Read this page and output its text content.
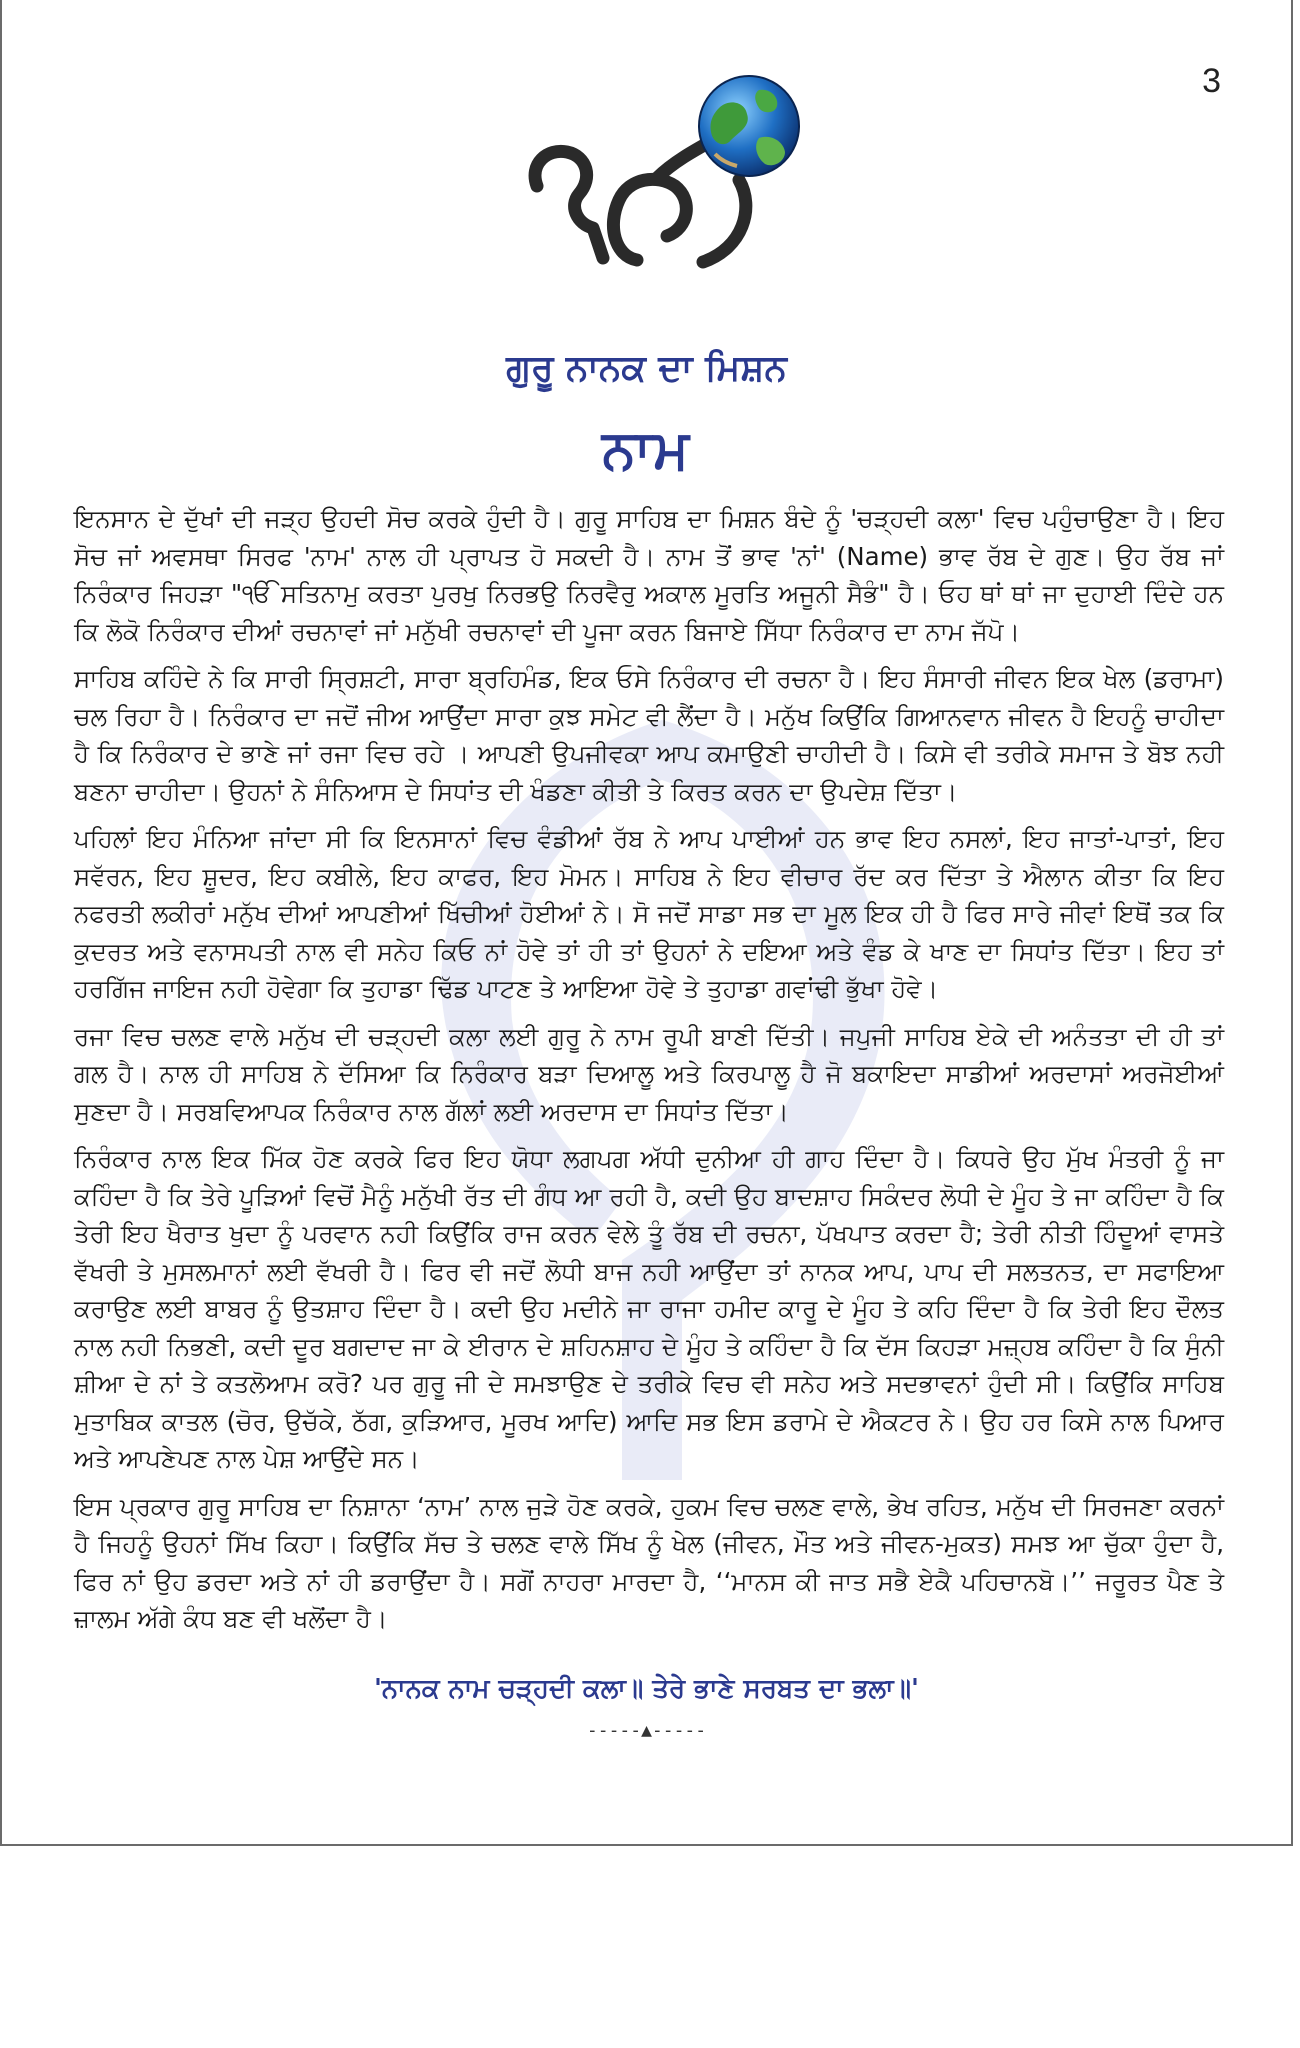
3
ਗੁਰੂ ਨਾਨਕ ਦਾ ਮਿਸ਼ਨ
ਨਾਮ

ਇਨਸਾਨ ਦੇ ਦੁੱਖਾਂ ਦੀ ਜੜ੍ਹ ਉਹਦੀ ਸੋਚ ਕਰਕੇ ਹੁੰਦੀ ਹੈ। ਗੁਰੂ ਸਾਹਿਬ ਦਾ ਮਿਸ਼ਨ ਬੰਦੇ ਨੂੰ 'ਚੜ੍ਹਦੀ ਕਲਾ' ਵਿਚ ਪਹੁੰਚਾਉਣਾ ਹੈ। ਇਹ ਸੋਚ ਜਾਂ ਅਵਸਥਾ ਸਿਰਫ 'ਨਾਮ' ਨਾਲ ਹੀ ਪ੍ਰਾਪਤ ਹੋ ਸਕਦੀ ਹੈ। ਨਾਮ ਤੋਂ ਭਾਵ 'ਨਾਂ' (Name) ਭਾਵ ਰੱਬ ਦੇ ਗੁਣ। ਉਹ ਰੱਬ ਜਾਂ ਨਿਰੰਕਾਰ ਜਿਹੜਾ "ੴ ਸਤਿਨਾਮੁ ਕਰਤਾ ਪੁਰਖੁ ਨਿਰਭਉ ਨਿਰਵੈਰੁ ਅਕਾਲ ਮੂਰਤਿ ਅਜੂਨੀ ਸੈਭੰ" ਹੈ। ਓਹ ਥਾਂ ਥਾਂ ਜਾ ਦੁਹਾਈ ਦਿੰਦੇ ਹਨ ਕਿ ਲੋਕੋ ਨਿਰੰਕਾਰ ਦੀਆਂ ਰਚਨਾਵਾਂ ਜਾਂ ਮਨੁੱਖੀ ਰਚਨਾਵਾਂ ਦੀ ਪੂਜਾ ਕਰਨ ਬਿਜਾਏ ਸਿੱਧਾ ਨਿਰੰਕਾਰ ਦਾ ਨਾਮ ਜੱਪੋ।

ਸਾਹਿਬ ਕਹਿੰਦੇ ਨੇ ਕਿ ਸਾਰੀ ਸ੍ਰਿਸ਼ਟੀ, ਸਾਰਾ ਬ੍ਰਹਿਮੰਡ, ਇਕ ਓਸੇ ਨਿਰੰਕਾਰ ਦੀ ਰਚਨਾ ਹੈ। ਇਹ ਸੰਸਾਰੀ ਜੀਵਨ ਇਕ ਖੇਲ (ਡਰਾਮਾ) ਚਲ ਰਿਹਾ ਹੈ। ਨਿਰੰਕਾਰ ਦਾ ਜਦੋਂ ਜੀਅ ਆਉਂਦਾ ਸਾਰਾ ਕੁਝ ਸਮੇਟ ਵੀ ਲੈਂਦਾ ਹੈ। ਮਨੁੱਖ ਕਿਉਂਕਿ ਗਿਆਨਵਾਨ ਜੀਵਨ ਹੈ ਇਹਨੂੰ ਚਾਹੀਦਾ ਹੈ ਕਿ ਨਿਰੰਕਾਰ ਦੇ ਭਾਣੇ ਜਾਂ ਰਜਾ ਵਿਚ ਰਹੇ । ਆਪਣੀ ਉਪਜੀਵਕਾ ਆਪ ਕਮਾਉਣੀ ਚਾਹੀਦੀ ਹੈ। ਕਿਸੇ ਵੀ ਤਰੀਕੇ ਸਮਾਜ ਤੇ ਬੋਝ ਨਹੀ ਬਣਨਾ ਚਾਹੀਦਾ। ਉਹਨਾਂ ਨੇ ਸੰਨਿਆਸ ਦੇ ਸਿਧਾਂਤ ਦੀ ਖੰਡਣਾ ਕੀਤੀ ਤੇ ਕਿਰਤ ਕਰਨ ਦਾ ਉਪਦੇਸ਼ ਦਿੱਤਾ।

ਪਹਿਲਾਂ ਇਹ ਮੰਨਿਆ ਜਾਂਦਾ ਸੀ ਕਿ ਇਨਸਾਨਾਂ ਵਿਚ ਵੰਡੀਆਂ ਰੱਬ ਨੇ ਆਪ ਪਾਈਆਂ ਹਨ ਭਾਵ ਇਹ ਨਸਲਾਂ, ਇਹ ਜਾਤਾਂ-ਪਾਤਾਂ, ਇਹ ਸਵੱਰਨ, ਇਹ ਸ਼ੂਦਰ, ਇਹ ਕਬੀਲੇ, ਇਹ ਕਾਫਰ, ਇਹ ਮੋਮਨ। ਸਾਹਿਬ ਨੇ ਇਹ ਵੀਚਾਰ ਰੱਦ ਕਰ ਦਿੱਤਾ ਤੇ ਐਲਾਨ ਕੀਤਾ ਕਿ ਇਹ ਨਫਰਤੀ ਲਕੀਰਾਂ ਮਨੁੱਖ ਦੀਆਂ ਆਪਣੀਆਂ ਖਿੱਚੀਆਂ ਹੋਈਆਂ ਨੇ। ਸੋ ਜਦੋਂ ਸਾਡਾ ਸਭ ਦਾ ਮੂਲ ਇਕ ਹੀ ਹੈ ਫਿਰ ਸਾਰੇ ਜੀਵਾਂ ਇਥੋਂ ਤਕ ਕਿ ਕੁਦਰਤ ਅਤੇ ਵਨਾਸਪਤੀ ਨਾਲ ਵੀ ਸਨੇਹ ਕਿਓ ਨਾਂ ਹੋਵੇ ਤਾਂ ਹੀ ਤਾਂ ਉਹਨਾਂ ਨੇ ਦਇਆ ਅਤੇ ਵੰਡ ਕੇ ਖਾਣ ਦਾ ਸਿਧਾਂਤ ਦਿੱਤਾ। ਇਹ ਤਾਂ ਹਰਗਿੱਜ ਜਾਇਜ ਨਹੀ ਹੋਵੇਗਾ ਕਿ ਤੁਹਾਡਾ ਢਿੱਡ ਪਾਟਣ ਤੇ ਆਇਆ ਹੋਵੇ ਤੇ ਤੁਹਾਡਾ ਗਵਾਂਢੀ ਭੁੱਖਾ ਹੋਵੇ।

ਰਜਾ ਵਿਚ ਚਲਣ ਵਾਲੇ ਮਨੁੱਖ ਦੀ ਚੜ੍ਹਦੀ ਕਲਾ ਲਈ ਗੁਰੂ ਨੇ ਨਾਮ ਰੂਪੀ ਬਾਣੀ ਦਿੱਤੀ। ਜਪੁਜੀ ਸਾਹਿਬ ਏਕੇ ਦੀ ਅਨੰਤਤਾ ਦੀ ਹੀ ਤਾਂ ਗਲ ਹੈ। ਨਾਲ ਹੀ ਸਾਹਿਬ ਨੇ ਦੱਸਿਆ ਕਿ ਨਿਰੰਕਾਰ ਬੜਾ ਦਿਆਲੂ ਅਤੇ ਕਿਰਪਾਲੂ ਹੈ ਜੋ ਬਕਾਇਦਾ ਸਾਡੀਆਂ ਅਰਦਾਸਾਂ ਅਰਜੋਈਆਂ ਸੁਣਦਾ ਹੈ। ਸਰਬਵਿਆਪਕ ਨਿਰੰਕਾਰ ਨਾਲ ਗੱਲਾਂ ਲਈ ਅਰਦਾਸ ਦਾ ਸਿਧਾਂਤ ਦਿੱਤਾ।

ਨਿਰੰਕਾਰ ਨਾਲ ਇਕ ਮਿੱਕ ਹੋਣ ਕਰਕੇ ਫਿਰ ਇਹ ਯੋਧਾ ਲਗਪਗ ਅੱਧੀ ਦੁਨੀਆ ਹੀ ਗਾਹ ਦਿੰਦਾ ਹੈ। ਕਿਧਰੇ ਉਹ ਮੁੱਖ ਮੰਤਰੀ ਨੂੰ ਜਾ ਕਹਿੰਦਾ ਹੈ ਕਿ ਤੇਰੇ ਪੂੜਿਆਂ ਵਿਚੋਂ ਮੈਨੂੰ ਮਨੁੱਖੀ ਰੱਤ ਦੀ ਗੰਧ ਆ ਰਹੀ ਹੈ, ਕਦੀ ਉਹ ਬਾਦਸ਼ਾਹ ਸਿਕੰਦਰ ਲੋਧੀ ਦੇ ਮੂੰਹ ਤੇ ਜਾ ਕਹਿੰਦਾ ਹੈ ਕਿ ਤੇਰੀ ਇਹ ਖੈਰਾਤ ਖੁਦਾ ਨੂੰ ਪਰਵਾਨ ਨਹੀ ਕਿਉਂਕਿ ਰਾਜ ਕਰਨ ਵੇਲੇ ਤੂੰ ਰੱਬ ਦੀ ਰਚਨਾ, ਪੱਖਪਾਤ ਕਰਦਾ ਹੈ; ਤੇਰੀ ਨੀਤੀ ਹਿੰਦੂਆਂ ਵਾਸਤੇ ਵੱਖਰੀ ਤੇ ਮੁਸਲਮਾਨਾਂ ਲਈ ਵੱਖਰੀ ਹੈ। ਫਿਰ ਵੀ ਜਦੋਂ ਲੋਧੀ ਬਾਜ ਨਹੀ ਆਉਂਦਾ ਤਾਂ ਨਾਨਕ ਆਪ, ਪਾਪ ਦੀ ਸਲਤਨਤ, ਦਾ ਸਫਾਇਆ ਕਰਾਉਣ ਲਈ ਬਾਬਰ ਨੂੰ ਉਤਸ਼ਾਹ ਦਿੰਦਾ ਹੈ। ਕਦੀ ਉਹ ਮਦੀਨੇ ਜਾ ਰਾਜਾ ਹਮੀਦ ਕਾਰੂ ਦੇ ਮੂੰਹ ਤੇ ਕਹਿ ਦਿੰਦਾ ਹੈ ਕਿ ਤੇਰੀ ਇਹ ਦੌਲਤ ਨਾਲ ਨਹੀ ਨਿਭਣੀ, ਕਦੀ ਦੂਰ ਬਗਦਾਦ ਜਾ ਕੇ ਈਰਾਨ ਦੇ ਸ਼ਹਿਨਸ਼ਾਹ ਦੇ ਮੂੰਹ ਤੇ ਕਹਿੰਦਾ ਹੈ ਕਿ ਦੱਸ ਕਿਹੜਾ ਮਜ਼੍ਹਬ ਕਹਿੰਦਾ ਹੈ ਕਿ ਸੁੰਨੀ ਸ਼ੀਆ ਦੇ ਨਾਂ ਤੇ ਕਤਲੋਆਮ ਕਰੋ? ਪਰ ਗੁਰੂ ਜੀ ਦੇ ਸਮਝਾਉਣ ਦੇ ਤਰੀਕੇ ਵਿਚ ਵੀ ਸਨੇਹ ਅਤੇ ਸਦਭਾਵਨਾਂ ਹੁੰਦੀ ਸੀ। ਕਿਉਂਕਿ ਸਾਹਿਬ ਮੁਤਾਬਿਕ ਕਾਤਲ (ਚੋਰ, ਉਚੱਕੇ, ਠੱਗ, ਕੁੜਿਆਰ, ਮੂਰਖ ਆਦਿ) ਆਦਿ ਸਭ ਇਸ ਡਰਾਮੇ ਦੇ ਐਕਟਰ ਨੇ। ਉਹ ਹਰ ਕਿਸੇ ਨਾਲ ਪਿਆਰ ਅਤੇ ਆਪਣੇਪਣ ਨਾਲ ਪੇਸ਼ ਆਉਂਦੇ ਸਨ।

ਇਸ ਪ੍ਰਕਾਰ ਗੁਰੂ ਸਾਹਿਬ ਦਾ ਨਿਸ਼ਾਨਾ ‘ਨਾਮ’ ਨਾਲ ਜੁੜੇ ਹੋਣ ਕਰਕੇ, ਹੁਕਮ ਵਿਚ ਚਲਣ ਵਾਲੇ, ਭੇਖ ਰਹਿਤ, ਮਨੁੱਖ ਦੀ ਸਿਰਜਣਾ ਕਰਨਾਂ ਹੈ ਜਿਹਨੂੰ ਉਹਨਾਂ ਸਿੱਖ ਕਿਹਾ। ਕਿਉਂਕਿ ਸੱਚ ਤੇ ਚਲਣ ਵਾਲੇ ਸਿੱਖ ਨੂੰ ਖੇਲ (ਜੀਵਨ, ਮੌਤ ਅਤੇ ਜੀਵਨ-ਮੁਕਤ) ਸਮਝ ਆ ਚੁੱਕਾ ਹੁੰਦਾ ਹੈ, ਫਿਰ ਨਾਂ ਉਹ ਡਰਦਾ ਅਤੇ ਨਾਂ ਹੀ ਡਰਾਉਂਦਾ ਹੈ। ਸਗੋਂ ਨਾਹਰਾ ਮਾਰਦਾ ਹੈ, ‘‘ਮਾਨਸ ਕੀ ਜਾਤ ਸਭੈ ਏਕੈ ਪਹਿਚਾਨਬੋ।’’ ਜਰੂਰਤ ਪੈਣ ਤੇ ਜ਼ਾਲਮ ਅੱਗੇ ਕੰਧ ਬਣ ਵੀ ਖਲੋਂਦਾ ਹੈ।

'ਨਾਨਕ ਨਾਮ ਚੜ੍ਹਦੀ ਕਲਾ॥ ਤੇਰੇ ਭਾਣੇ ਸਰਬਤ ਦਾ ਭਲਾ॥'
-----▲-----
